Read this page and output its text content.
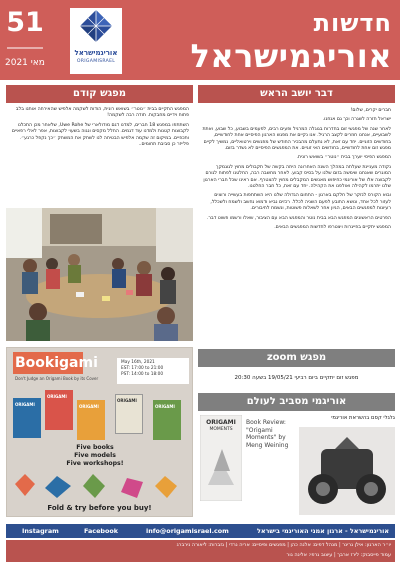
51
מאי 2021
אוריגמישראל
ORIGAMISRAEL
חדשות
אוריגמישראל
דבר יושב הראש

חברים יקרים, שלום!

ישראל חזרה לשגרה וכך גם אנחנו.

לאחר שנה של מפגשי זום בחדרות בגוגלה המרגיל ופעים רבים, לפעמים בשבוע, כל שבוע, ואתת לשבועיים, אנחנו חוזרים לקצב הרגיל. אנו נקיים את מפגש הארגון הפיסיים אחת לחודשיים, בחודשים הזוגיים. יחד עם זאת, לא נתעלם מהבכיר החודש של מפגשים וירטואליים, נמשיך לקיים מפגש זום אחת לחודשיים, בחודשים האי זוגיים. את המפגשים הפיסיים לא נשדר בזום.

המפגש הפיסי יוערך בבית ״נוטר״ בשואש רונית.

נקודה מעניינת שעלתה במהלך השנה האחרונה היתה בקשה של תקבולים מחוץ לגוגמקך המוגרים שאנחנו שימשה בזום שלנו על בסיס קבוע. לאחר מחשבה רבה, החלטנו לפתוח לגורם לקבוצה אלו של אוריגמי כחיפוש מאנשים המקבלים מחוץ להצטרף. אם ראינו שכל חברי הארגון שלנו יתרמו לקהילה ואולפנו את הקהילה. יחד עם זאת, כל חבר החלטנו.

ובוא הקורס לנזקר של חלקם בארגון - התחום הגדולה שלנו היא השתתפות בעשייה ורוצים לעזור לכל אחד, ונושא התובע לפעם השניה לכלל. רכזים נביא ודמוא נחשב ולשמח ולשכלל, רעיונות למפגשים הבאים, הגיון אחר לשאלות פשוטות, ונשמח לחיבורים.

הפרטים הראשונים המפגש הבא בבית נוטר והמפגש הבא עם הציבור, שאלו ורשמו פשוט דבר.

המפגש יתקיים בפייגרות ויצטרפו לחדשות המפגשים הבאים.

מפגש zoom
מפגש זום יתקיים ביום רביעי 19/05/21 בשעה 20:30
אוריגמי מסביב לעולם
גלגלי קסם בהשראת אוריגמי
ORIGAMI
MOMENTS
Book Review: "Origami Moments" by Meng Weining
מפגש קודם

המפגש התקיים בבית ״נוטר״ בשואש רונית, הודות לשקמה אלפיש שהאירחה אותנו בלב פתוח וידיים מחבקות. תודה רבה לשקמה!

השתתפו במפגש 18 חברים, למדנו דגם מודולארי של Uwe Rohe, שלאחר מכן התכלנו לקבוצות קטנות ולמדנו עוד דגמים. החלל מקסים ונגוה בשעוי לקבוצות, אפר לאלי רפאיים ותכפיים. במיקום זה שקמה אלפיש הבטיחה לנו לשחק את המשחק ״כך נקפל כרגע״. פלייזר כן סביבת תחומים..

Bookigami
Don't Judge an Origami Book by its Cover
May 16th, 2021
EST: 17:00 to 21:00
PST: 14:00 to 18:00
ORIGAMI
ORIGAMI
ORIGAMI
ORIGAMI
ORIGAMI
Five books
Five models
Five workshops!
Fold & try before you buy!
אוריגמישראל - ארגון אמני האוריגמי בישראל
info@origamisrael.com
Facebook
Instagram
יו״ר הארגון: אילן גרינר | מנהל דפים: אלנה כהן | מפגשים ופיסיים: אריה נרדי | גזברות: ליאורה נירברג
עמוד פייסבוק: לירז ארבך | עיצוב גרפי: אלינה גור
